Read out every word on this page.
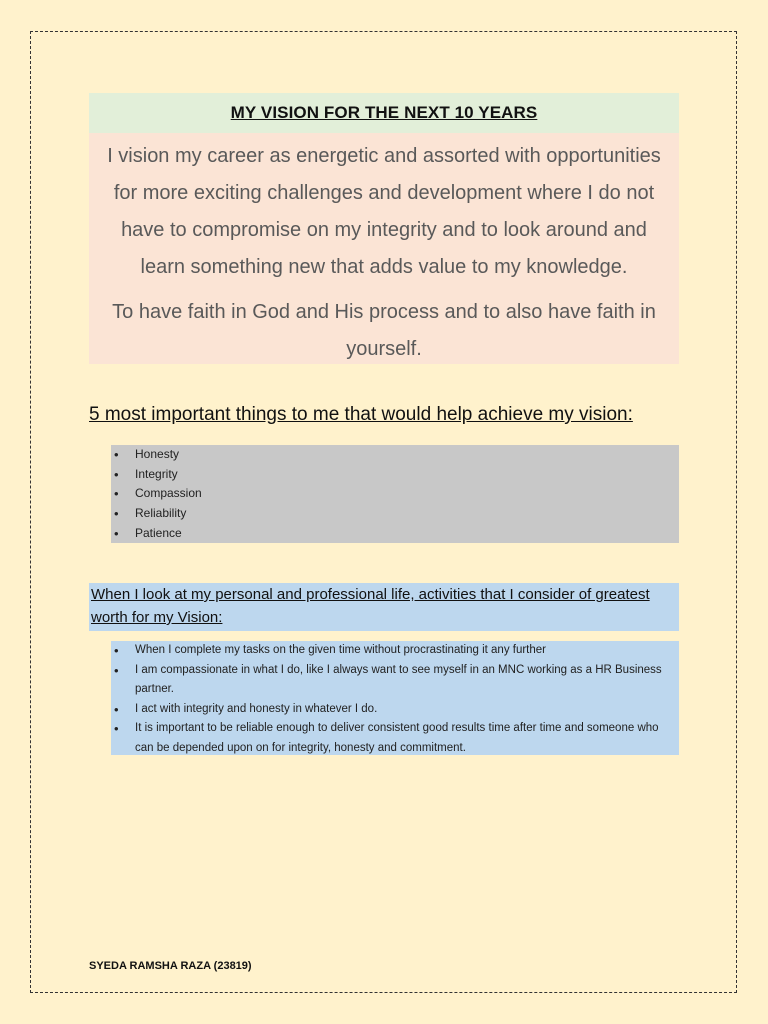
MY VISION FOR THE NEXT 10 YEARS

I vision my career as energetic and assorted with opportunities for more exciting challenges and development where I do not have to compromise on my integrity and to look around and learn something new that adds value to my knowledge.

To have faith in God and His process and to also have faith in yourself.

5 most important things to me that would help achieve my vision:
• Honesty
• Integrity
• Compassion
• Reliability
• Patience
When I look at my personal and professional life, activities that I consider of greatest worth for my Vision:
• When I complete my tasks on the given time without procrastinating it any further
• I am compassionate in what I do, like I always want to see myself in an MNC working as a HR Business partner.
• I act with integrity and honesty in whatever I do.
• It is important to be reliable enough to deliver consistent good results time after time and someone who can be depended upon on for integrity, honesty and commitment.
SYEDA RAMSHA RAZA (23819)
